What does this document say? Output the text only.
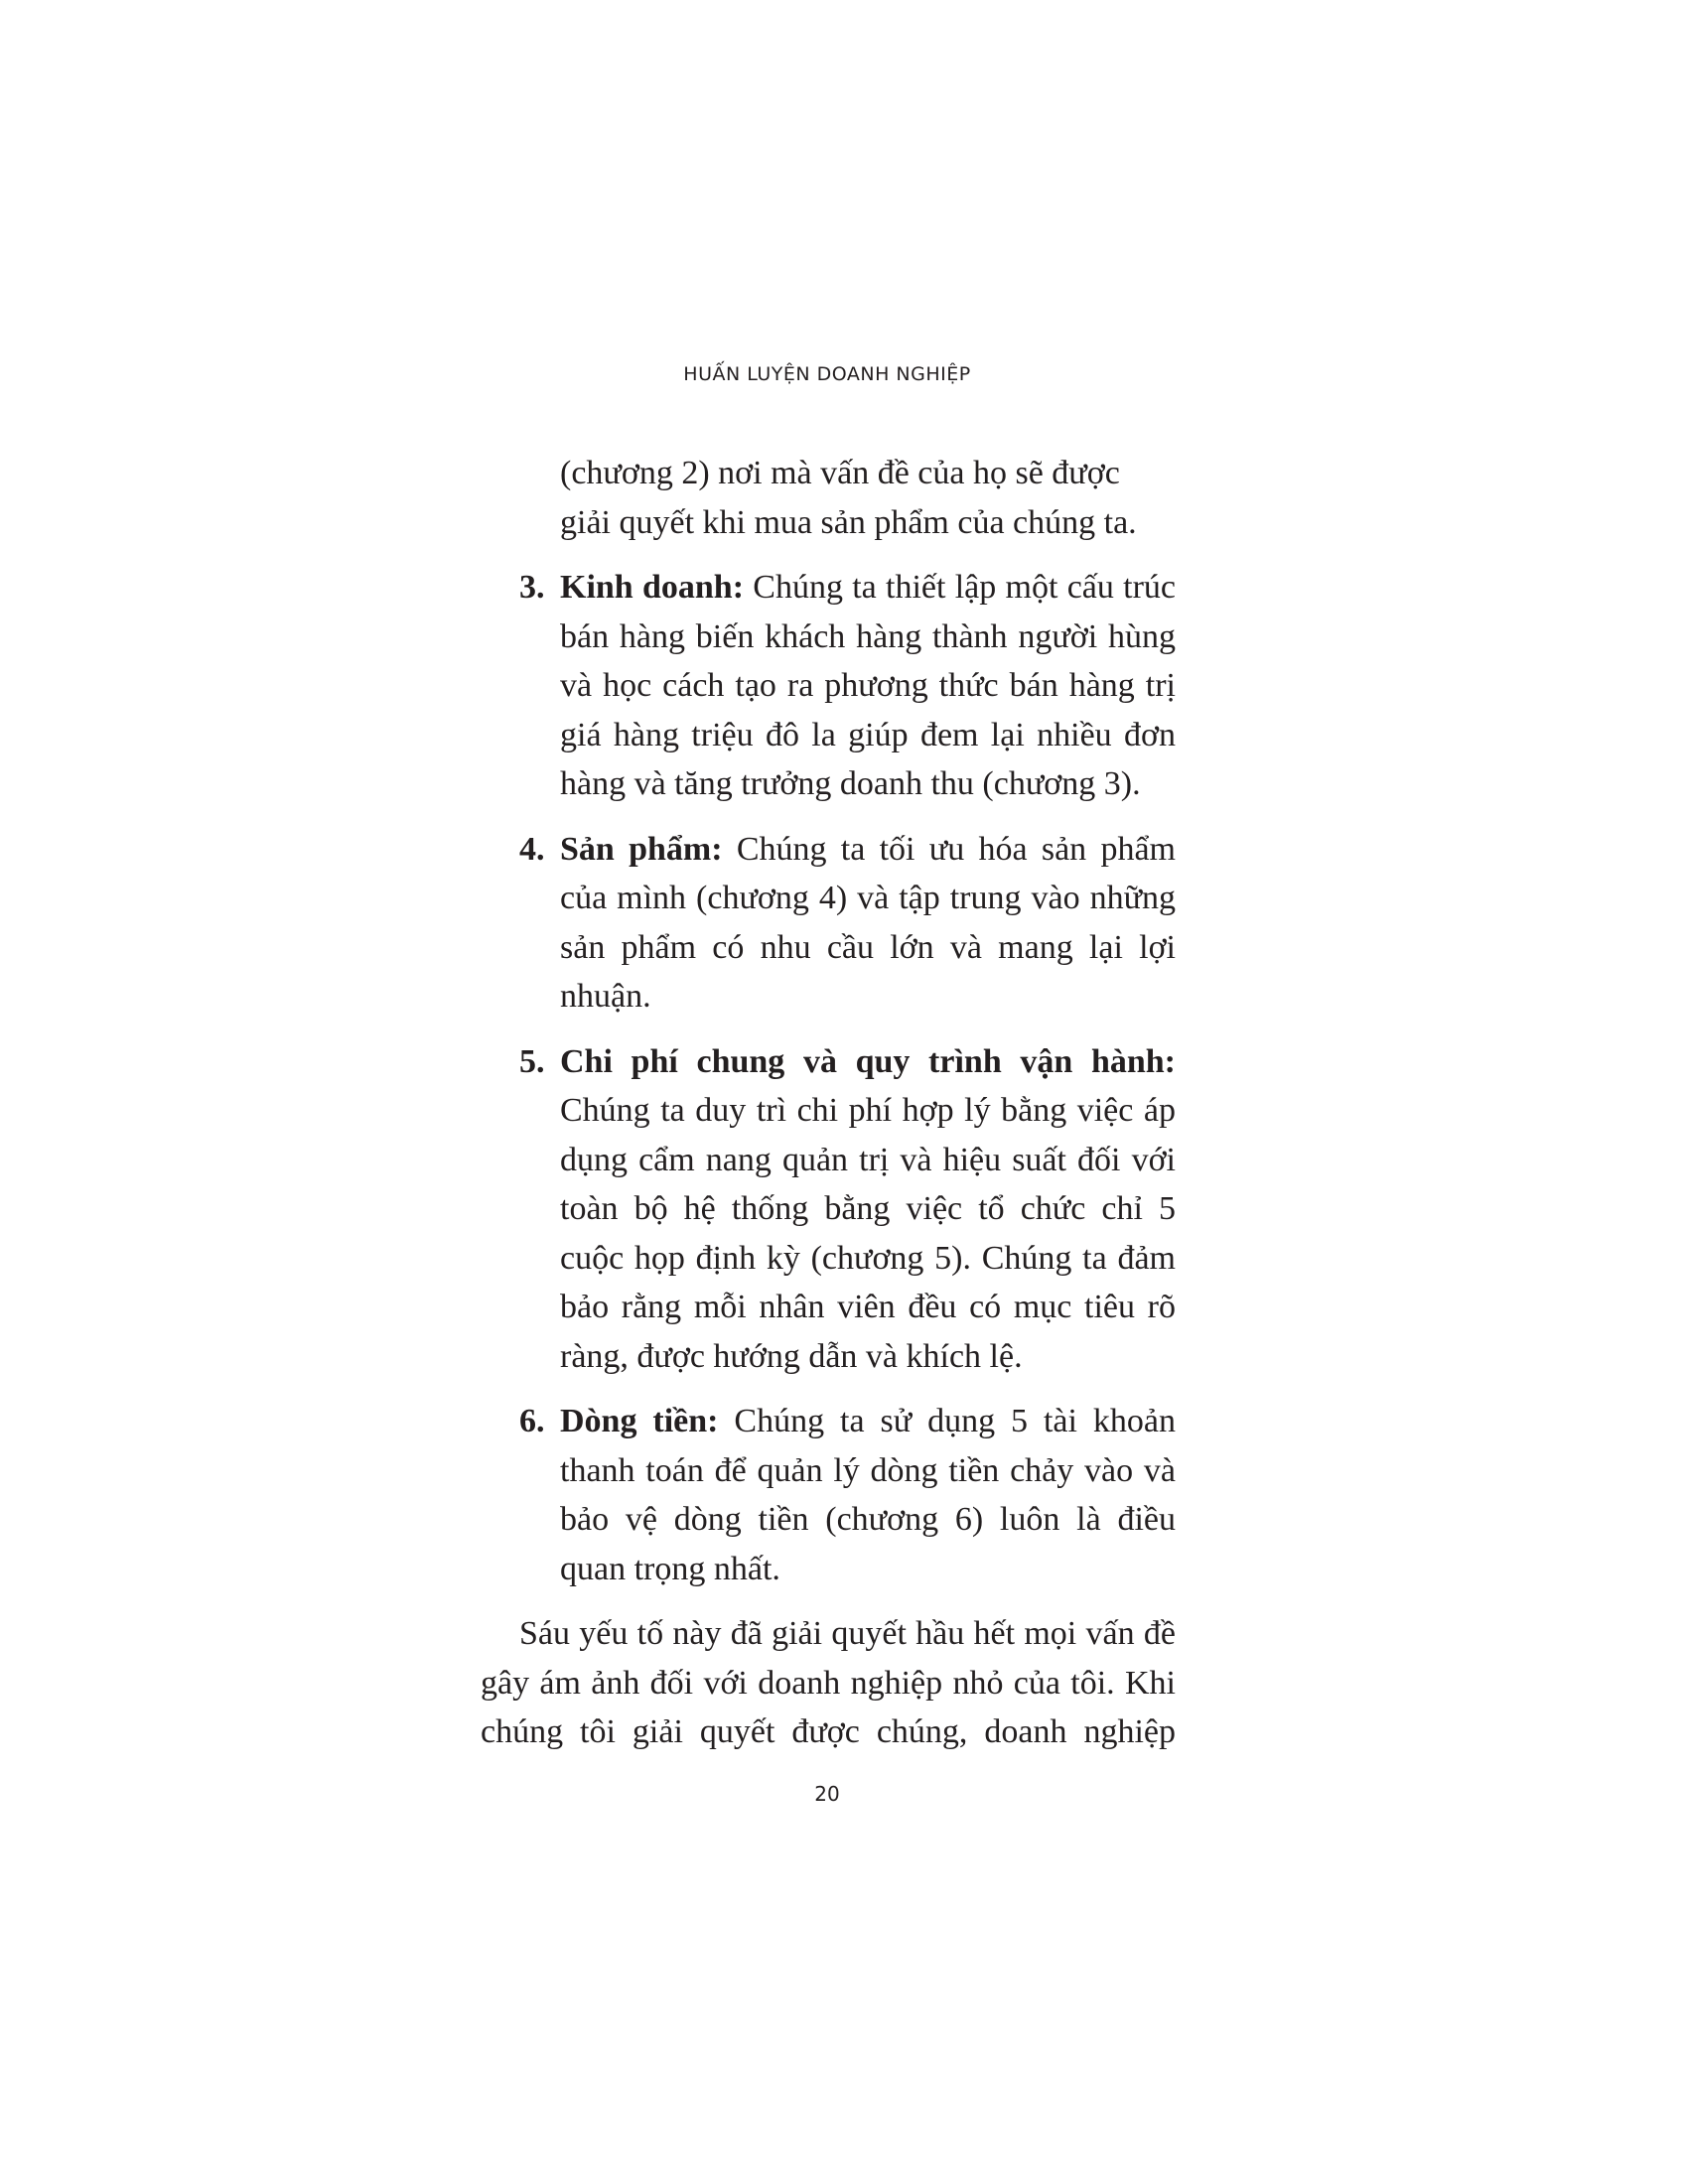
HUẤN LUYỆN DOANH NGHIỆP

(chương 2) nơi mà vấn đề của họ sẽ được giải quyết khi mua sản phẩm của chúng ta.

3. Kinh doanh: Chúng ta thiết lập một cấu trúc bán hàng biến khách hàng thành người hùng và học cách tạo ra phương thức bán hàng trị giá hàng triệu đô la giúp đem lại nhiều đơn hàng và tăng trưởng doanh thu (chương 3).
4. Sản phẩm: Chúng ta tối ưu hóa sản phẩm của mình (chương 4) và tập trung vào những sản phẩm có nhu cầu lớn và mang lại lợi nhuận.
5. Chi phí chung và quy trình vận hành: Chúng ta duy trì chi phí hợp lý bằng việc áp dụng cẩm nang quản trị và hiệu suất đối với toàn bộ hệ thống bằng việc tổ chức chỉ 5 cuộc họp định kỳ (chương 5). Chúng ta đảm bảo rằng mỗi nhân viên đều có mục tiêu rõ ràng, được hướng dẫn và khích lệ.
6. Dòng tiền: Chúng ta sử dụng 5 tài khoản thanh toán để quản lý dòng tiền chảy vào và bảo vệ dòng tiền (chương 6) luôn là điều quan trọng nhất.

Sáu yếu tố này đã giải quyết hầu hết mọi vấn đề gây ám ảnh đối với doanh nghiệp nhỏ của tôi. Khi chúng tôi giải quyết được chúng, doanh nghiệp

20
